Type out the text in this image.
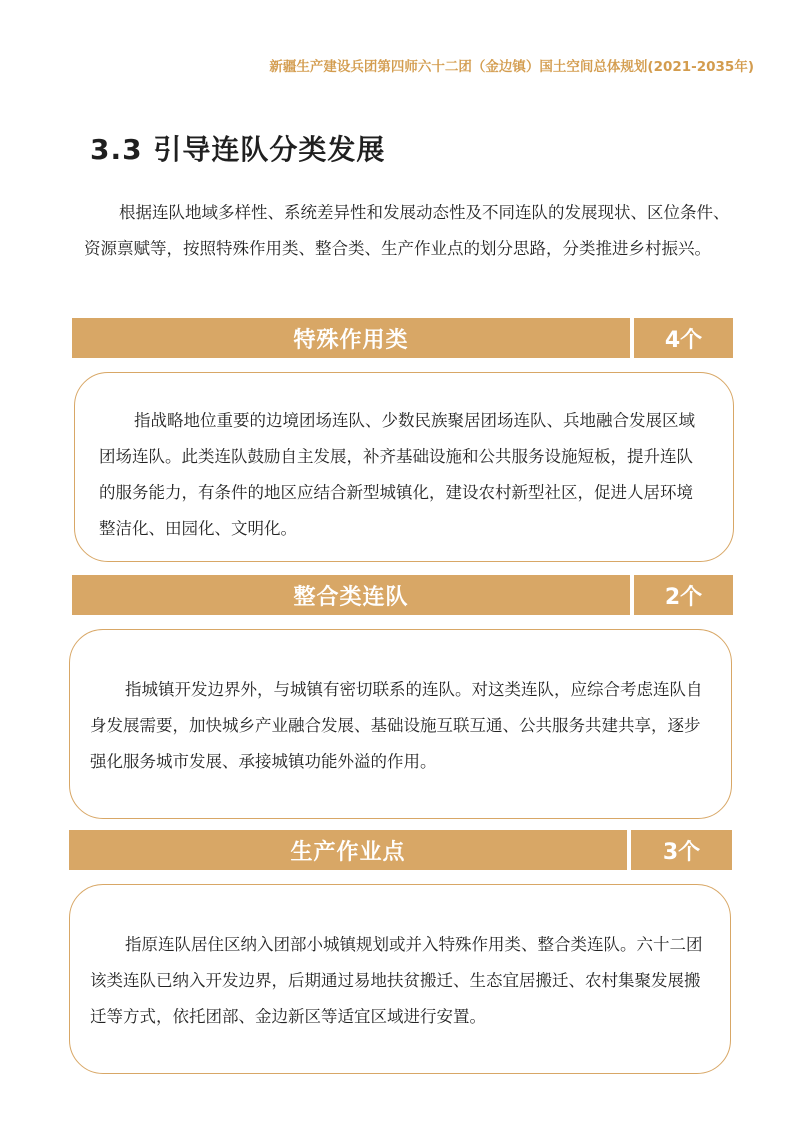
新疆生产建设兵团第四师六十二团（金边镇）国土空间总体规划(2021-2035年)
3.3 引导连队分类发展
根据连队地域多样性、系统差异性和发展动态性及不同连队的发展现状、区位条件、资源禀赋等，按照特殊作用类、整合类、生产作业点的划分思路，分类推进乡村振兴。
特殊作用类	4个

指战略地位重要的边境团场连队、少数民族聚居团场连队、兵地融合发展区域团场连队。此类连队鼓励自主发展，补齐基础设施和公共服务设施短板，提升连队的服务能力，有条件的地区应结合新型城镇化，建设农村新型社区，促进人居环境整洁化、田园化、文明化。

整合类连队	2个

指城镇开发边界外，与城镇有密切联系的连队。对这类连队，应综合考虑连队自身发展需要，加快城乡产业融合发展、基础设施互联互通、公共服务共建共享，逐步强化服务城市发展、承接城镇功能外溢的作用。

生产作业点	3个

指原连队居住区纳入团部小城镇规划或并入特殊作用类、整合类连队。六十二团该类连队已纳入开发边界，后期通过易地扶贫搬迁、生态宜居搬迁、农村集聚发展搬迁等方式，依托团部、金边新区等适宜区域进行安置。
